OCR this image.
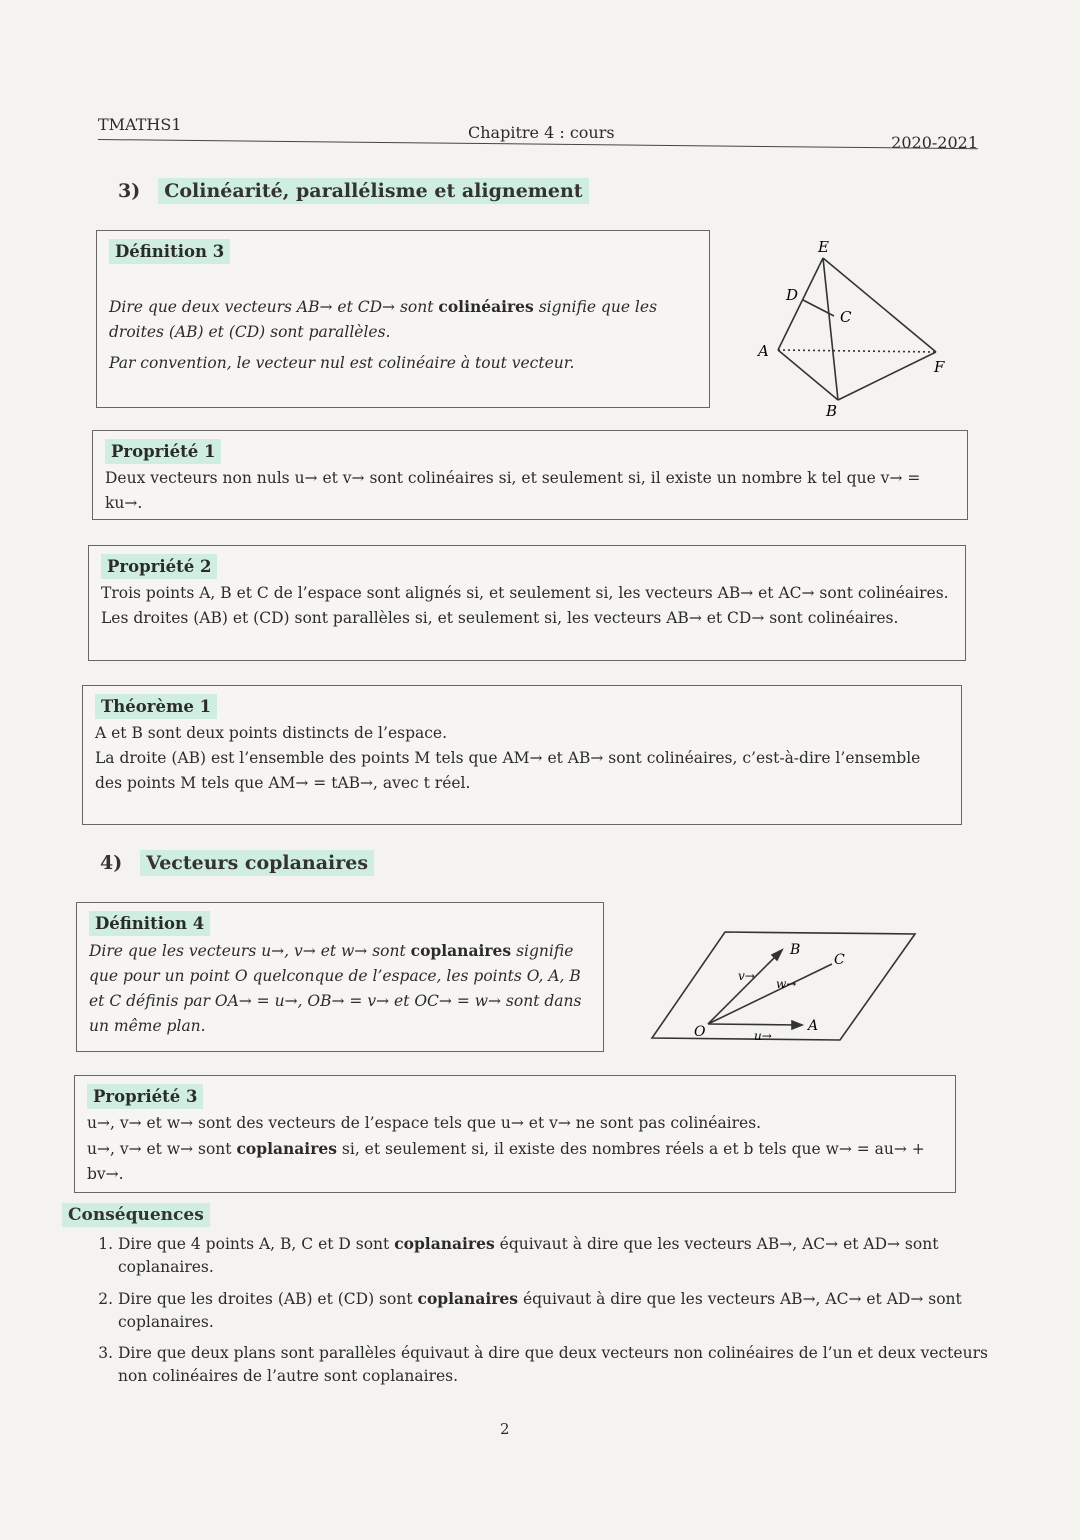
TMATHS1	Chapitre 4 : cours
2020-2021
3) Colinéarité, parallélisme et alignement
Définition 3

Dire que deux vecteurs AB→ et CD→ sont colinéaires signifie que les droites (AB) et (CD) sont parallèles.

Par convention, le vecteur nul est colinéaire à tout vecteur.

E
D
C
A
F
B
Propriété 1

Deux vecteurs non nuls u→ et v→ sont colinéaires si, et seulement si, il existe un nombre k tel que v→ = ku→.

Propriété 2

Trois points A, B et C de l’espace sont alignés si, et seulement si, les vecteurs AB→ et AC→ sont colinéaires.

Les droites (AB) et (CD) sont parallèles si, et seulement si, les vecteurs AB→ et CD→ sont colinéaires.

Théorème 1

A et B sont deux points distincts de l’espace.

La droite (AB) est l’ensemble des points M tels que AM→ et AB→ sont colinéaires, c’est-à-dire l’ensemble des points M tels que AM→ = tAB→, avec t réel.

4) Vecteurs coplanaires
Définition 4

Dire que les vecteurs u→, v→ et w→ sont coplanaires signifie que pour un point O quelconque de l’espace, les points O, A, B et C définis par OA→ = u→, OB→ = v→ et OC→ = w→ sont dans un même plan.	O	A
B
C
v→
w→
u→
Propriété 3

u→, v→ et w→ sont des vecteurs de l’espace tels que u→ et v→ ne sont pas colinéaires.

u→, v→ et w→ sont coplanaires si, et seulement si, il existe des nombres réels a et b tels que w→ = au→ + bv→.

Conséquences
1. Dire que 4 points A, B, C et D sont coplanaires équivaut à dire que les vecteurs AB→, AC→ et AD→ sont coplanaires.
2. Dire que les droites (AB) et (CD) sont coplanaires équivaut à dire que les vecteurs AB→, AC→ et AD→ sont coplanaires.
3. Dire que deux plans sont parallèles équivaut à dire que deux vecteurs non colinéaires de l’un et deux vecteurs non colinéaires de l’autre sont coplanaires.
2
